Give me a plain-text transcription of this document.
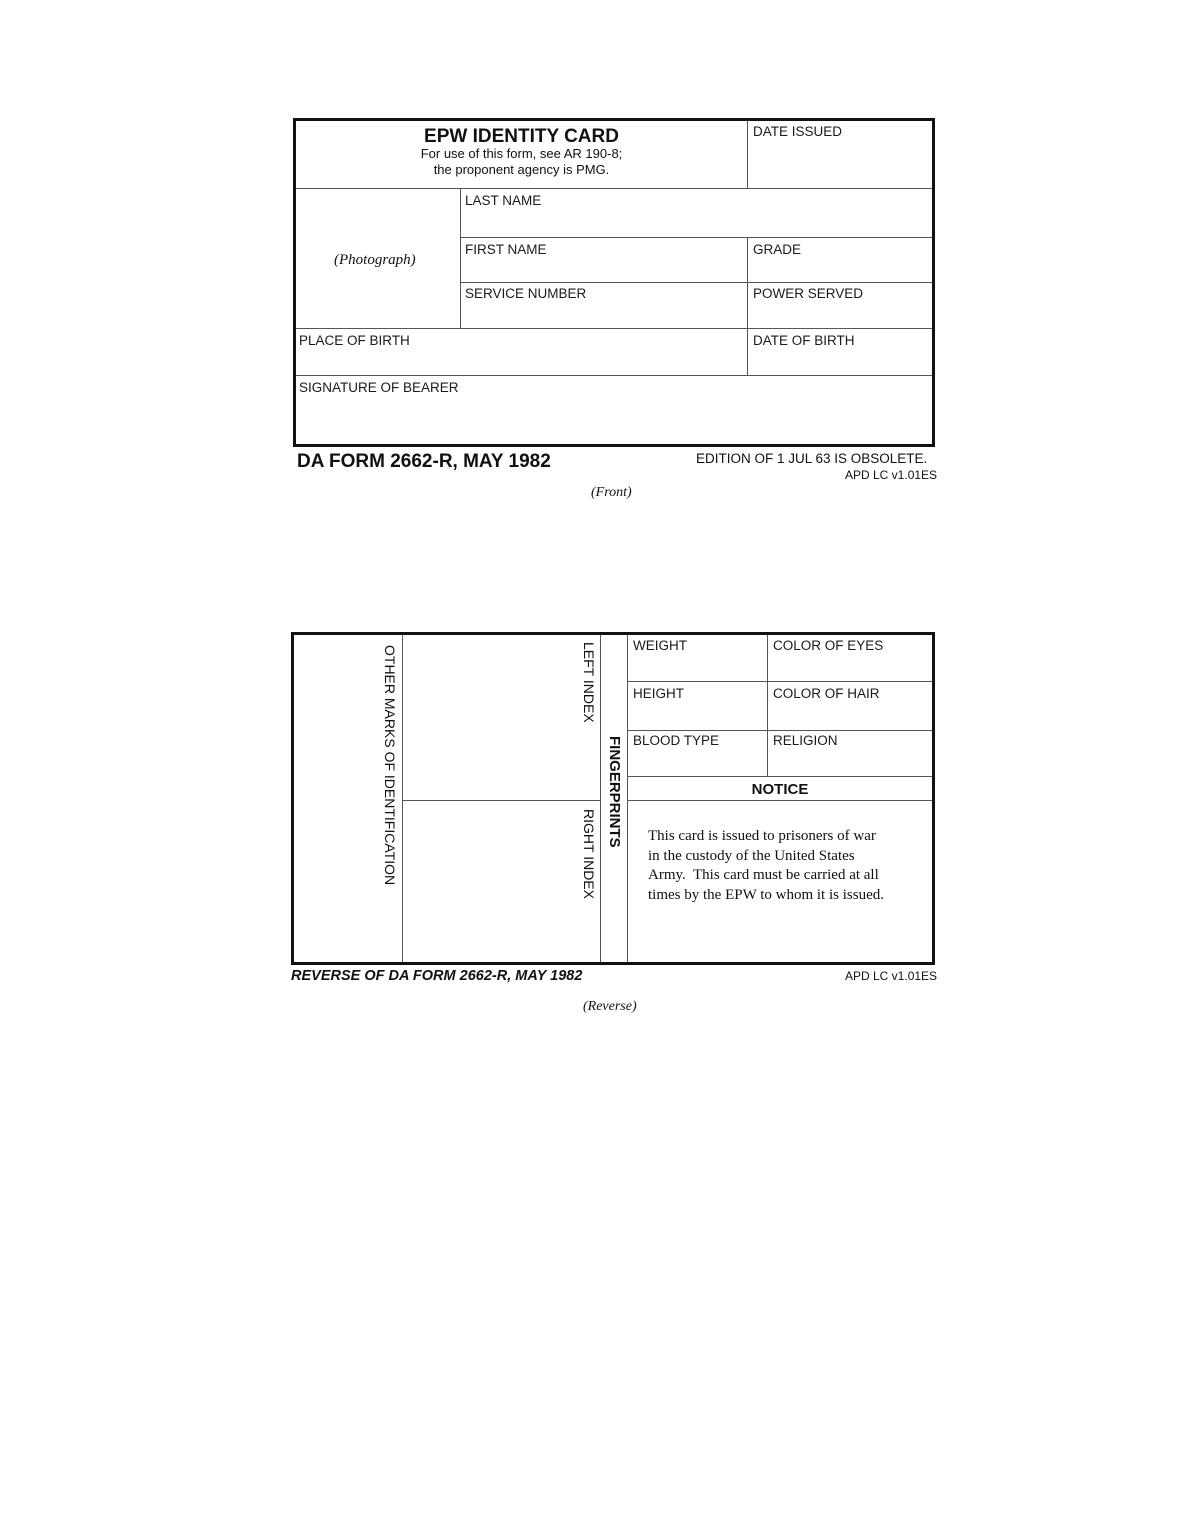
EPW IDENTITY CARD
For use of this form, see AR 190-8;
the proponent agency is PMG.
DATE ISSUED
(Photograph)
LAST NAME
FIRST NAME	GRADE
SERVICE NUMBER	POWER SERVED
PLACE OF BIRTH	DATE OF BIRTH
SIGNATURE OF BEARER
DA FORM 2662-R, MAY 1982	EDITION OF 1 JUL 63 IS OBSOLETE.
APD LC v1.01ES
(Front)
OTHER MARKS OF IDENTIFICATION	LEFT INDEX
RIGHT INDEX
FINGERPRINTS
WEIGHT	COLOR OF EYES
HEIGHT	COLOR OF HAIR
BLOOD TYPE	RELIGION
NOTICE
This card is issued to prisoners of war
in the custody of the United States
Army.  This card must be carried at all
times by the EPW to whom it is issued.
REVERSE OF DA FORM 2662-R, MAY 1982	APD LC v1.01ES
(Reverse)
